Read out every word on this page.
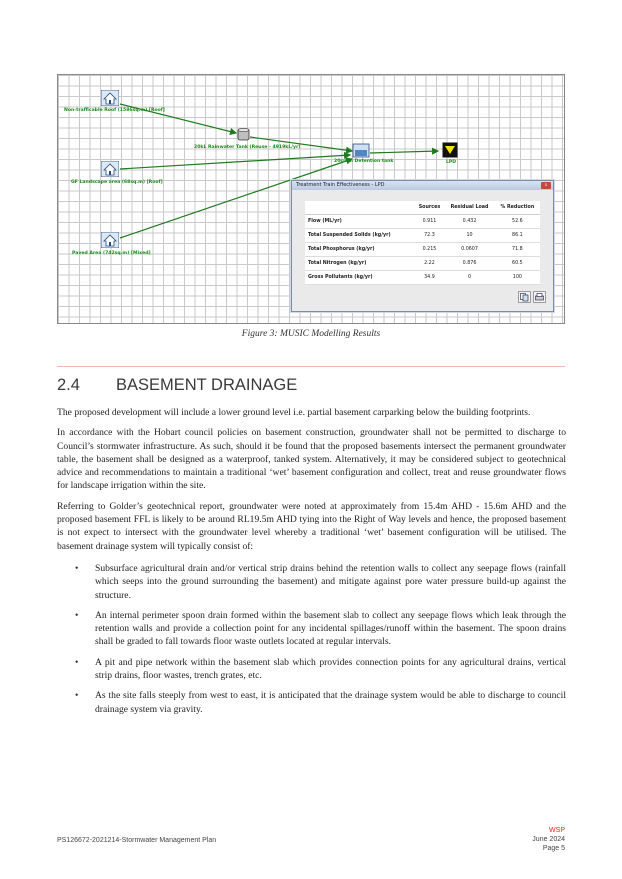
Non-trafficable Roof (1586sq.m) [Roof]
20kL Rainwater Tank (Reuse - 4919kL/yr)
GF Landscape area (68sq.m) [Roof]
20cu.m Detention tank
Paved Area (742sq.m) [Mixed]
LPD
Treatment Train Effectiveness - LPD	x
	Sources	Residual Load	% Reduction
Flow (ML/yr)	0.911	0.432	52.6
Total Suspended Solids (kg/yr)	72.3	10	86.1
Total Phosphorus (kg/yr)	0.215	0.0607	71.8
Total Nitrogen (kg/yr)	2.22	0.876	60.5
Gross Pollutants (kg/yr)	34.9	0	100
Figure 3: MUSIC Modelling Results
2.4 BASEMENT DRAINAGE

The proposed development will include a lower ground level i.e. partial basement carparking below the building footprints.

In accordance with the Hobart council policies on basement construction, groundwater shall not be permitted to discharge to Council’s stormwater infrastructure. As such, should it be found that the proposed basements intersect the permanent groundwater table, the basement shall be designed as a waterproof, tanked system. Alternatively, it may be considered subject to geotechnical advice and recommendations to maintain a traditional ‘wet’ basement configuration and collect, treat and reuse groundwater flows for landscape irrigation within the site.

Referring to Golder’s geotechnical report, groundwater were noted at approximately from 15.4m AHD - 15.6m AHD and the proposed basement FFL is likely to be around RL19.5m AHD tying into the Right of Way levels and hence, the proposed basement is not expect to intersect with the groundwater level whereby a traditional ‘wet’ basement configuration will be utilised. The basement drainage system will typically consist of:

• Subsurface agricultural drain and/or vertical strip drains behind the retention walls to collect any seepage flows (rainfall which seeps into the ground surrounding the basement) and mitigate against pore water pressure build-up against the structure.
• An internal perimeter spoon drain formed within the basement slab to collect any seepage flows which leak through the retention walls and provide a collection point for any incidental spillages/runoff within the basement. The spoon drains shall be graded to fall towards floor waste outlets located at regular intervals.
• A pit and pipe network within the basement slab which provides connection points for any agricultural drains, vertical strip drains, floor wastes, trench grates, etc.
• As the site falls steeply from west to east, it is anticipated that the drainage system would be able to discharge to council drainage system via gravity.
PS126672-2021214-Stormwater Management Plan
WSP
June 2024
Page 5
